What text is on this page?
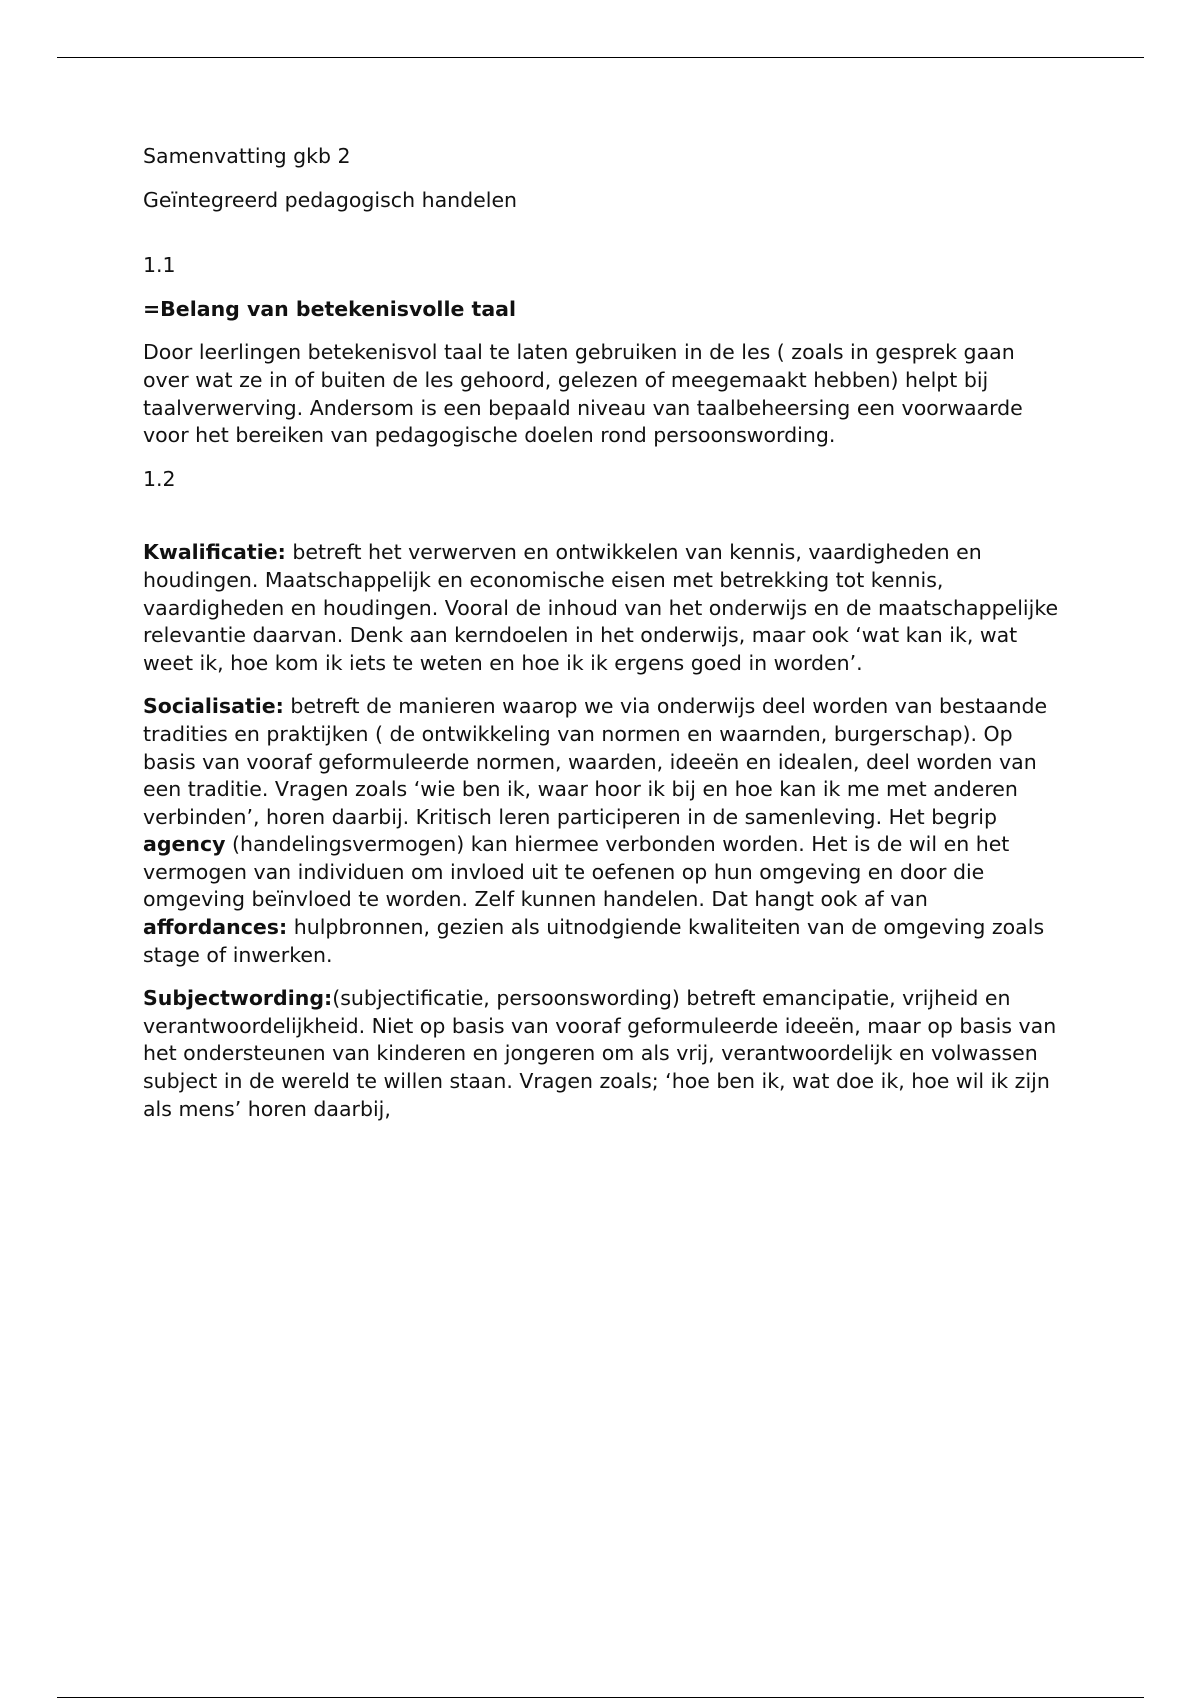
Samenvatting gkb 2

Geïntegreerd pedagogisch handelen

1.1

=Belang van betekenisvolle taal

Door leerlingen betekenisvol taal te laten gebruiken in de les ( zoals in gesprek gaan over wat ze in of buiten de les gehoord, gelezen of meegemaakt hebben) helpt bij taalverwerving. Andersom is een bepaald niveau van taalbeheersing een voorwaarde voor het bereiken van pedagogische doelen rond persoonswording.

1.2

Kwalificatie: betreft het verwerven en ontwikkelen van kennis, vaardigheden en houdingen. Maatschappelijk en economische eisen met betrekking tot kennis, vaardigheden en houdingen. Vooral de inhoud van het onderwijs en de maatschappelijke relevantie daarvan. Denk aan kerndoelen in het onderwijs, maar ook ‘wat kan ik, wat weet ik, hoe kom ik iets te weten en hoe ik ik ergens goed in worden’.

Socialisatie: betreft de manieren waarop we via onderwijs deel worden van bestaande tradities en praktijken ( de ontwikkeling van normen en waarnden, burgerschap). Op basis van vooraf geformuleerde normen, waarden, ideeën en idealen, deel worden van een traditie. Vragen zoals ‘wie ben ik, waar hoor ik bij en hoe kan ik me met anderen verbinden’, horen daarbij. Kritisch leren participeren in de samenleving. Het begrip agency (handelingsvermogen) kan hiermee verbonden worden. Het is de wil en het vermogen van individuen om invloed uit te oefenen op hun omgeving en door die omgeving beïnvloed te worden. Zelf kunnen handelen. Dat hangt ook af van affordances: hulpbronnen, gezien als uitnodgiende kwaliteiten van de omgeving zoals stage of inwerken.

Subjectwording:(subjectificatie, persoonswording) betreft emancipatie, vrijheid en verantwoordelijkheid. Niet op basis van vooraf geformuleerde ideeën, maar op basis van het ondersteunen van kinderen en jongeren om als vrij, verantwoordelijk en volwassen subject in de wereld te willen staan. Vragen zoals; ‘hoe ben ik, wat doe ik, hoe wil ik zijn als mens’ horen daarbij,
